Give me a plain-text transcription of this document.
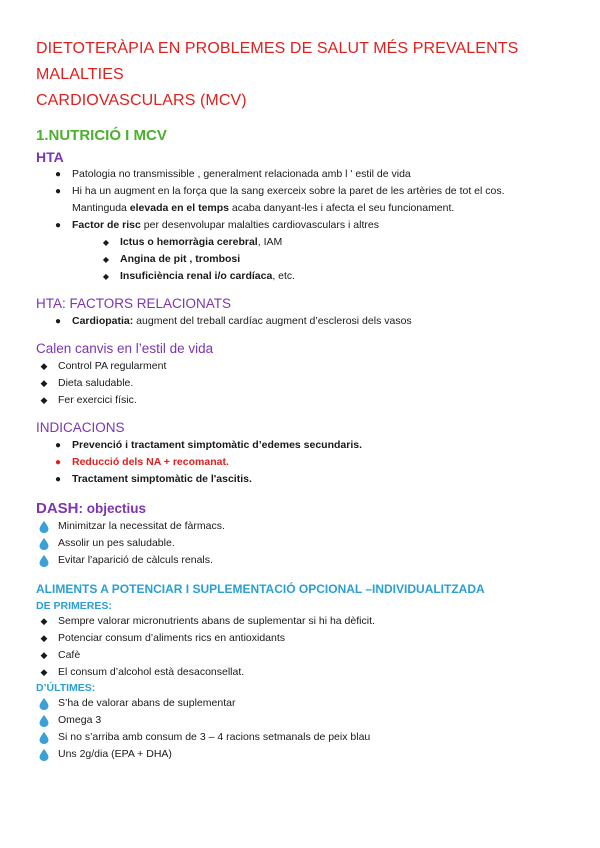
DIETOTERÀPIA EN PROBLEMES DE SALUT MÉS PREVALENTS MALALTIES
CARDIOVASCULARS (MCV)
1.NUTRICIÓ I MCV
HTA
●	Patologia no transmissible , generalment relacionada amb l ' estil de vida
●	Hi ha un augment en la força que la sang exerceix sobre la paret de les artèries de tot el cos.
Mantinguda elevada en el temps acaba danyant-les i afecta el seu funcionament.
●	Factor de risc per desenvolupar malalties cardiovasculars i altres
◆	Ictus o hemorràgia cerebral, IAM
◆	Angina de pit , trombosi
◆	Insuficiència renal i/o cardíaca, etc.
HTA: FACTORS RELACIONATS
●	Cardiopatia: augment del treball cardíac augment d’esclerosi dels vasos
Calen canvis en l’estil de vida
◆	Control PA regularment
◆	Dieta saludable.
◆	Fer exercici físic.
INDICACIONS
●	Prevenció i tractament simptomàtic d’edemes secundaris.
●	Reducció dels NA + recomanat.
●	Tractament simptomàtic de l'ascitis.
DASH: objectius
Minimitzar la necessitat de fàrmacs.
Assolir un pes saludable.
Evitar l'aparició de càlculs renals.
ALIMENTS A POTENCIAR I SUPLEMENTACIÓ OPCIONAL –INDIVIDUALITZADA
DE PRIMERES:
◆	Sempre valorar micronutrients abans de suplementar si hi ha dèficit.
◆	Potenciar consum d’aliments rics en antioxidants
◆	Cafè
◆	El consum d’alcohol està desaconsellat.
D’ÚLTIMES:
S’ha de valorar abans de suplementar
Omega 3
Si no s’arriba amb consum de 3 – 4 racions setmanals de peix blau
Uns 2g/dia (EPA + DHA)
